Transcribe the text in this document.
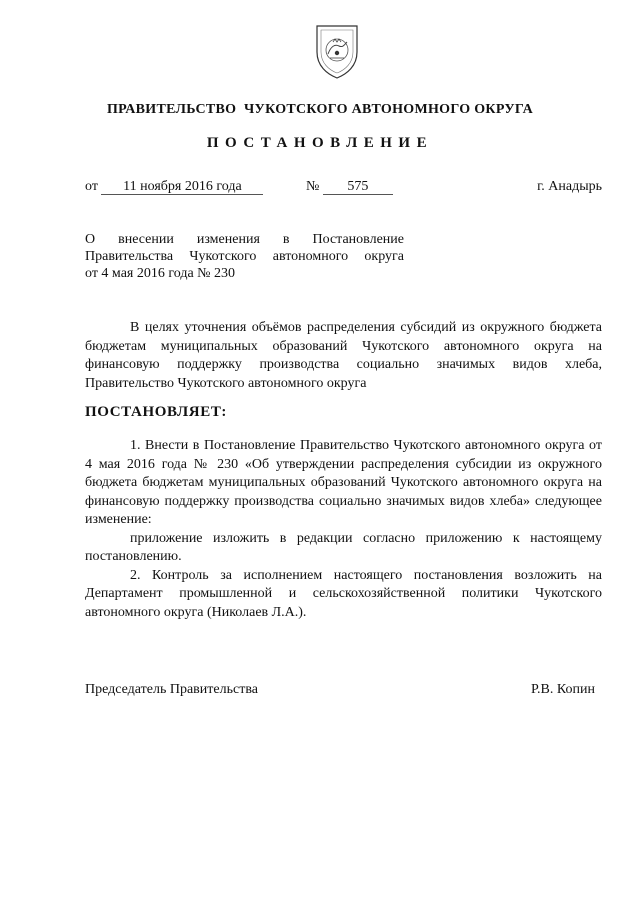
ПРАВИТЕЛЬСТВО  ЧУКОТСКОГО АВТОНОМНОГО ОКРУГА
ПОСТАНОВЛЕНИЕ
от 11 ноября 2016 года	№ 575	г. Анадырь
О внесении изменения в Постановление
Правительства Чукотского автономного округа
от 4 мая 2016 года № 230

В целях уточнения объёмов распределения субсидий из окружного бюджета бюджетам муниципальных образований Чукотского автономного округа на финансовую поддержку производства социально значимых видов хлеба, Правительство Чукотского автономного округа

ПОСТАНОВЛЯЕТ:

1. Внести в Постановление Правительство Чукотского автономного округа от 4 мая 2016 года № 230 «Об утверждении распределения субсидии из окружного бюджета бюджетам муниципальных образований Чукотского автономного округа на финансовую поддержку производства социально значимых видов хлеба» следующее изменение:

приложение изложить в редакции согласно приложению к настоящему постановлению.

2. Контроль за исполнением настоящего постановления возложить на Департамент промышленной и сельскохозяйственной политики Чукотского автономного округа (Николаев Л.А.).

Председатель Правительства	Р.В. Копин
